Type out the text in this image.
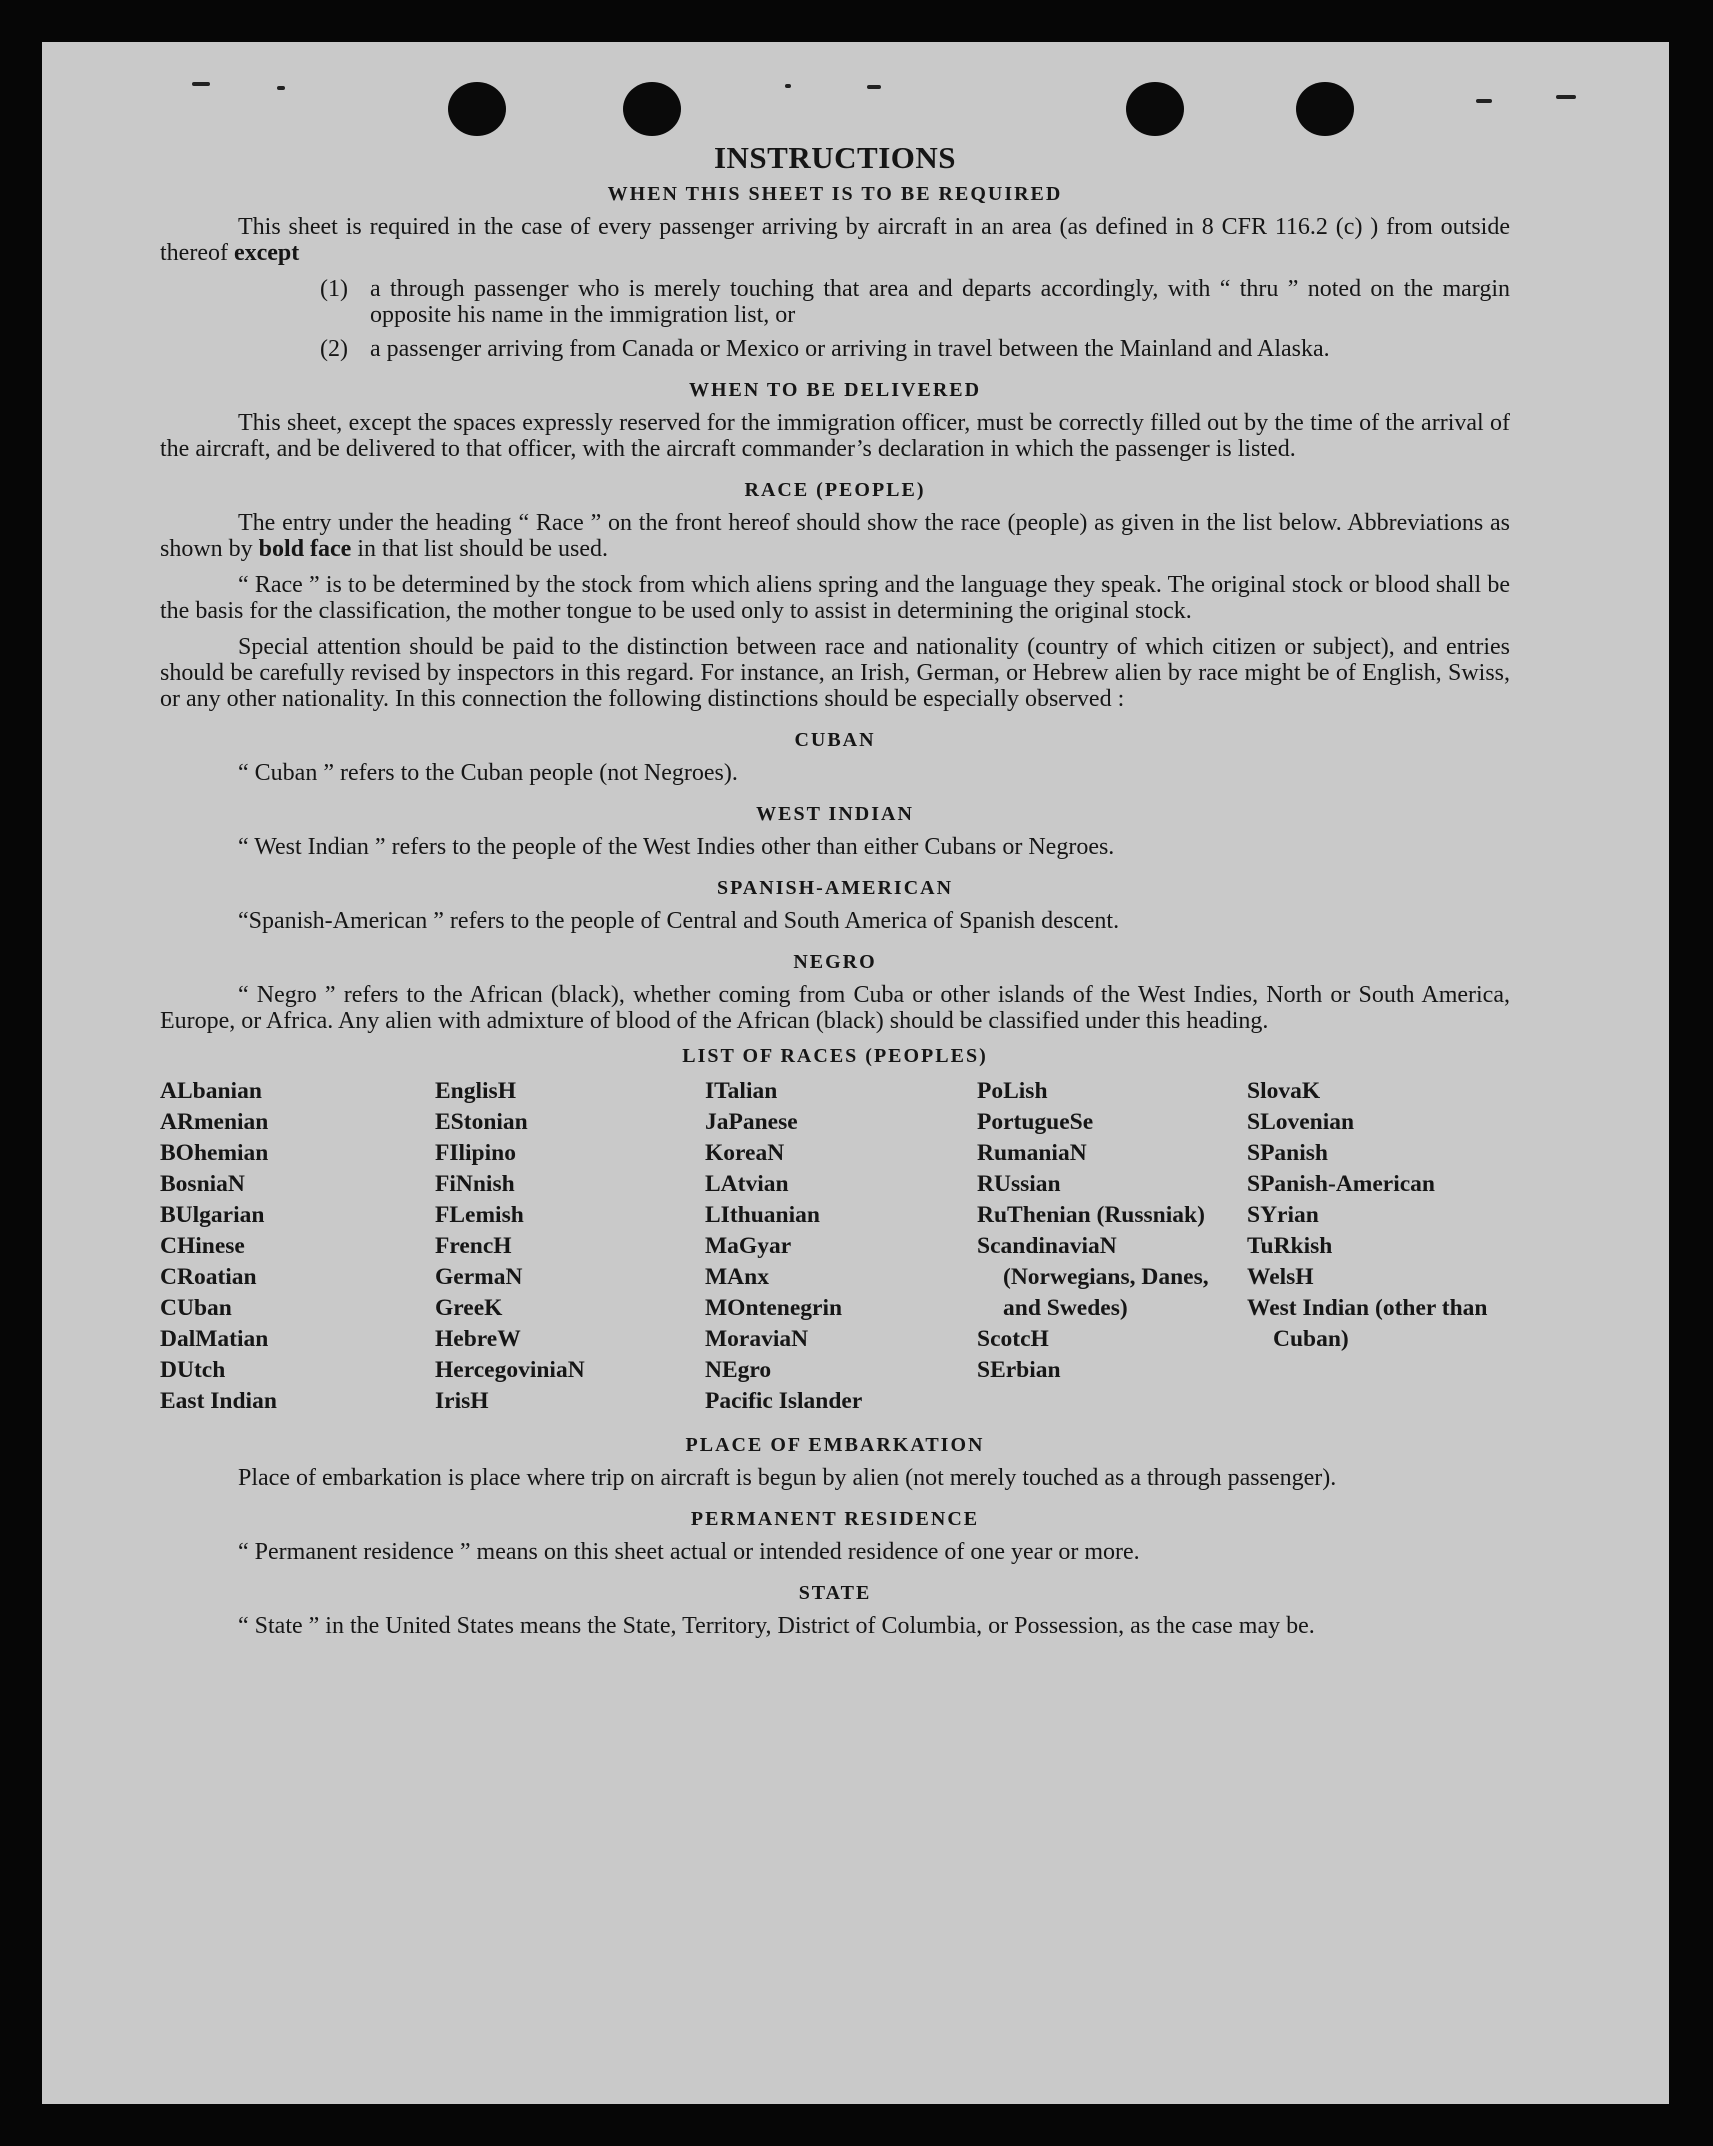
INSTRUCTIONS
WHEN THIS SHEET IS TO BE REQUIRED

This sheet is required in the case of every passenger arriving by aircraft in an area (as defined in 8 CFR 116.2 (c) ) from outside thereof except

(1) a through passenger who is merely touching that area and departs accordingly, with “ thru ” noted on the margin opposite his name in the immigration list, or
(2) a passenger arriving from Canada or Mexico or arriving in travel between the Mainland and Alaska.
WHEN TO BE DELIVERED

This sheet, except the spaces expressly reserved for the immigration officer, must be correctly filled out by the time of the arrival of the aircraft, and be delivered to that officer, with the aircraft commander’s declaration in which the passenger is listed.

RACE (PEOPLE)

The entry under the heading “ Race ” on the front hereof should show the race (people) as given in the list below. Abbreviations as shown by bold face in that list should be used.

“ Race ” is to be determined by the stock from which aliens spring and the language they speak. The original stock or blood shall be the basis for the classification, the mother tongue to be used only to assist in determining the original stock.

Special attention should be paid to the distinction between race and nationality (country of which citizen or subject), and entries should be carefully revised by inspectors in this regard. For instance, an Irish, German, or Hebrew alien by race might be of English, Swiss, or any other nationality. In this connection the following distinctions should be especially observed :

CUBAN

“ Cuban ” refers to the Cuban people (not Negroes).

WEST INDIAN

“ West Indian ” refers to the people of the West Indies other than either Cubans or Negroes.

SPANISH-AMERICAN

“Spanish-American ” refers to the people of Central and South America of Spanish descent.

NEGRO

“ Negro ” refers to the African (black), whether coming from Cuba or other islands of the West Indies, North or South America, Europe, or Africa. Any alien with admixture of blood of the African (black) should be classified under this heading.

LIST OF RACES (PEOPLES)
ALbanian
ARmenian
BOhemian
BosniaN
BUlgarian
CHinese
CRoatian
CUban
DalMatian
DUtch
East Indian
EnglisH
EStonian
FIlipino
FiNnish
FLemish
FrencH
GermaN
GreeK
HebreW
HercegoviniaN
IrisH
ITalian
JaPanese
KoreaN
LAtvian
LIthuanian
MaGyar
MAnx
MOntenegrin
MoraviaN
NEgro
Pacific Islander
PoLish
PortugueSe
RumaniaN
RUssian
RuThenian (Russniak)
ScandinaviaN (Norwegians, Danes, and Swedes)
ScotcH
SErbian
SlovaK
SLovenian
SPanish
SPanish-American
SYrian
TuRkish
WelsH
West Indian (other than Cuban)
PLACE OF EMBARKATION

Place of embarkation is place where trip on aircraft is begun by alien (not merely touched as a through passenger).

PERMANENT RESIDENCE

“ Permanent residence ” means on this sheet actual or intended residence of one year or more.

STATE

“ State ” in the United States means the State, Territory, District of Columbia, or Possession, as the case may be.
